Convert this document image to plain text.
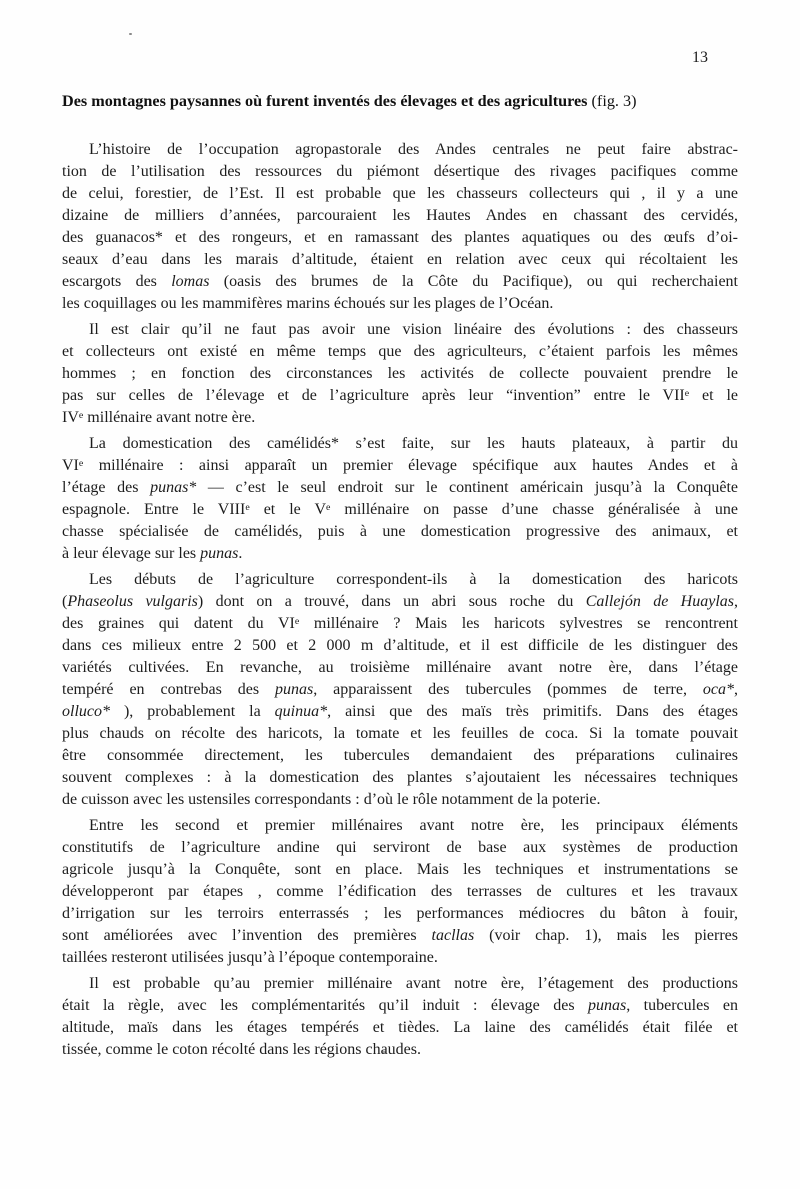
13
Des montagnes paysannes où furent inventés des élevages et des agricultures (fig. 3)
L’histoire de l’occupation agropastorale des Andes centrales ne peut faire abstrac-
tion de l’utilisation des ressources du piémont désertique des rivages pacifiques comme
de celui, forestier, de l’Est. Il est probable que les chasseurs collecteurs qui , il y a une
dizaine de milliers d’années, parcouraient les Hautes Andes en chassant des cervidés,
des guanacos* et des rongeurs, et en ramassant des plantes aquatiques ou des œufs d’oi-
seaux d’eau dans les marais d’altitude, étaient en relation avec ceux qui récoltaient les
escargots des lomas (oasis des brumes de la Côte du Pacifique), ou qui recherchaient
les coquillages ou les mammifères marins échoués sur les plages de l’Océan.
Il est clair qu’il ne faut pas avoir une vision linéaire des évolutions : des chasseurs
et collecteurs ont existé en même temps que des agriculteurs, c’étaient parfois les mêmes
hommes ; en fonction des circonstances les activités de collecte pouvaient prendre le
pas sur celles de l’élevage et de l’agriculture après leur “invention” entre le VIIe et le
IVe millénaire avant notre ère.
La domestication des camélidés* s’est faite, sur les hauts plateaux, à partir du
VIe millénaire : ainsi apparaît un premier élevage spécifique aux hautes Andes et à
l’étage des punas* — c’est le seul endroit sur le continent américain jusqu’à la Conquête
espagnole. Entre le VIIIe et le Ve millénaire on passe d’une chasse généralisée à une
chasse spécialisée de camélidés, puis à une domestication progressive des animaux, et
à leur élevage sur les punas.
Les débuts de l’agriculture correspondent-ils à la domestication des haricots
(Phaseolus vulgaris) dont on a trouvé, dans un abri sous roche du Callejón de Huaylas,
des graines qui datent du VIe millénaire ? Mais les haricots sylvestres se rencontrent
dans ces milieux entre 2 500 et 2 000 m d’altitude, et il est difficile de les distinguer des
variétés cultivées. En revanche, au troisième millénaire avant notre ère, dans l’étage
tempéré en contrebas des punas, apparaissent des tubercules (pommes de terre, oca*,
olluco* ), probablement la quinua*, ainsi que des maïs très primitifs. Dans des étages
plus chauds on récolte des haricots, la tomate et les feuilles de coca. Si la tomate pouvait
être consommée directement, les tubercules demandaient des préparations culinaires
souvent complexes : à la domestication des plantes s’ajoutaient les nécessaires techniques
de cuisson avec les ustensiles correspondants : d’où le rôle notamment de la poterie.
Entre les second et premier millénaires avant notre ère, les principaux éléments
constitutifs de l’agriculture andine qui serviront de base aux systèmes de production
agricole jusqu’à la Conquête, sont en place. Mais les techniques et instrumentations se
développeront par étapes , comme l’édification des terrasses de cultures et les travaux
d’irrigation sur les terroirs enterrassés ; les performances médiocres du bâton à fouir,
sont améliorées avec l’invention des premières tacllas (voir chap. 1), mais les pierres
taillées resteront utilisées jusqu’à l’époque contemporaine.
Il est probable qu’au premier millénaire avant notre ère, l’étagement des productions
était la règle, avec les complémentarités qu’il induit : élevage des punas, tubercules en
altitude, maïs dans les étages tempérés et tièdes. La laine des camélidés était filée et
tissée, comme le coton récolté dans les régions chaudes.
